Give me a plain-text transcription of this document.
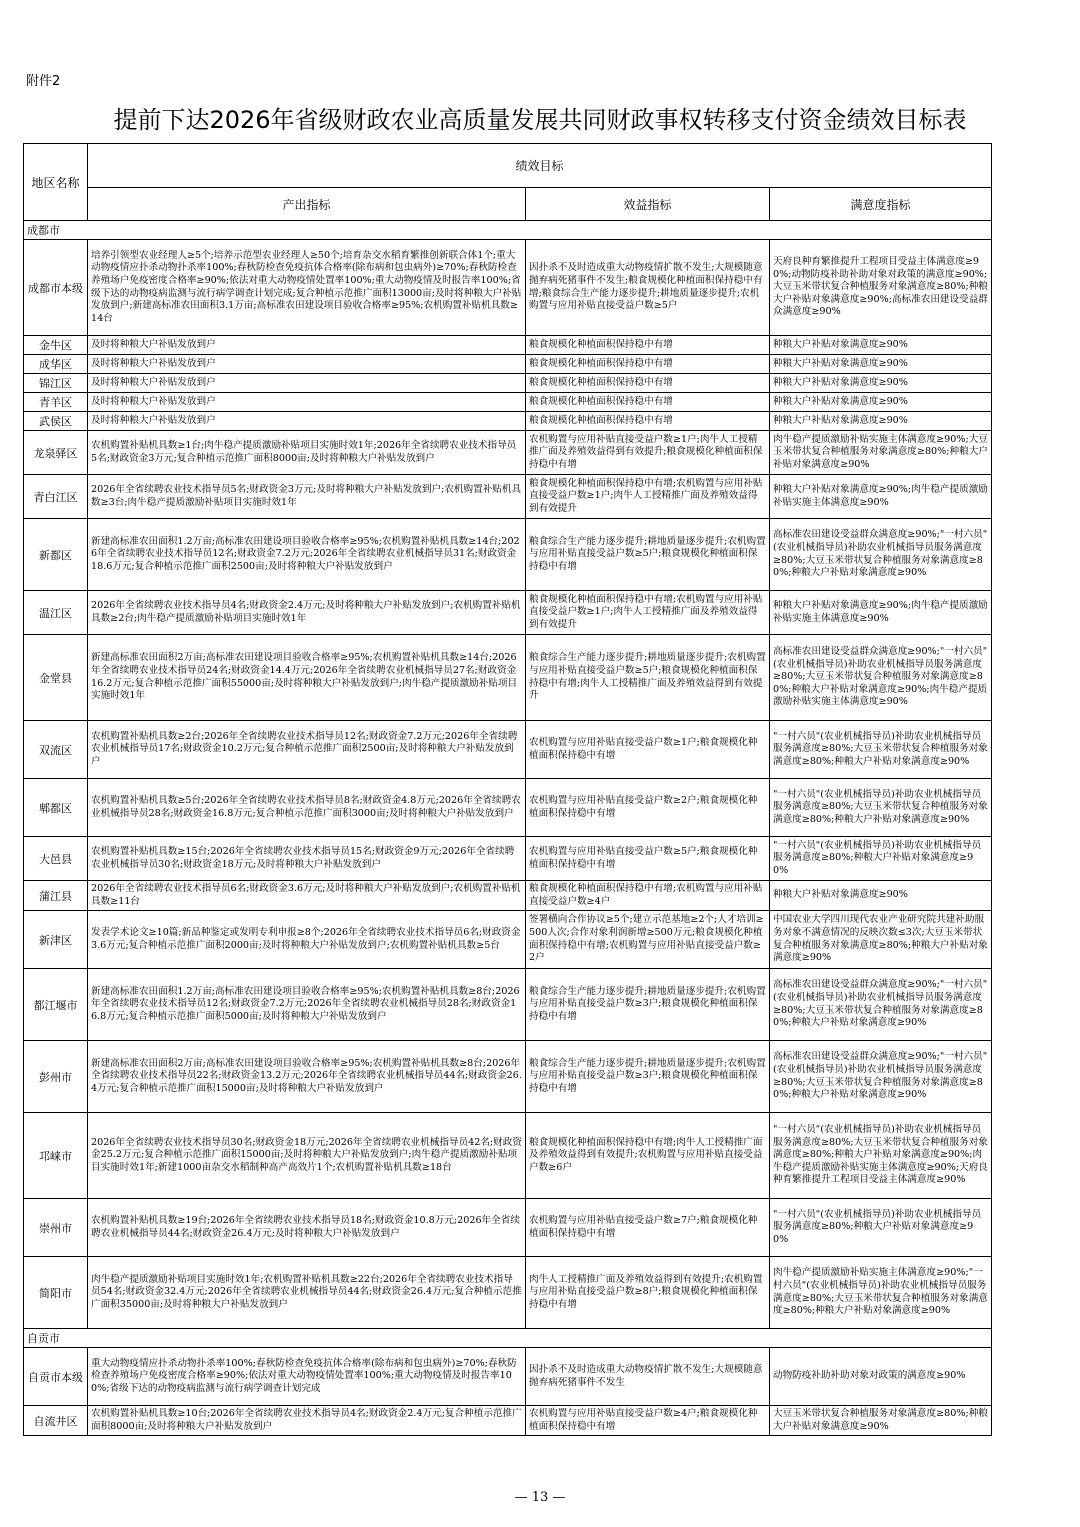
附件2
提前下达2026年省级财政农业高质量发展共同财政事权转移支付资金绩效目标表
地区名称	绩效目标		
	产出指标	效益指标	满意度指标
成都市			
成都市本级	培养引领型农业经理人≥5个;培养示范型农业经理人≥50个;培育杂交水稻育繁推创新联合体1个;重大动物疫情应扑杀动物扑杀率100%;春秋防检查免疫抗体合格率(除布病和包虫病外)≥70%;春秋防检查养殖场户免疫密度合格率≥90%;依法对重大动物疫情处置率100%;重大动物疫情及时报告率100%;省级下达的动物疫病监测与流行病学调查计划完成;复合种植示范推广面积13000亩;及时将种粮大户补贴发放到户;新建高标准农田面积3.1万亩;高标准农田建设项目验收合格率≥95%;农机购置补贴机具数≥14台	因扑杀不及时造成重大动物疫情扩散不发生;大规模随意抛弃病死猪事件不发生;粮食规模化种植面积保持稳中有增;粮食综合生产能力逐步提升;耕地质量逐步提升;农机购置与应用补贴直接受益户数≥5户	天府良种育繁推提升工程项目受益主体满意度≥90%;动物防疫补助补助对象对政策的满意度≥90%;大豆玉米带状复合种植服务对象满意度≥80%;种粮大户补贴对象满意度≥90%;高标准农田建设受益群众满意度≥90%
金牛区	及时将种粮大户补贴发放到户	粮食规模化种植面积保持稳中有增	种粮大户补贴对象满意度≥90%
成华区	及时将种粮大户补贴发放到户	粮食规模化种植面积保持稳中有增	种粮大户补贴对象满意度≥90%
锦江区	及时将种粮大户补贴发放到户	粮食规模化种植面积保持稳中有增	种粮大户补贴对象满意度≥90%
青羊区	及时将种粮大户补贴发放到户	粮食规模化种植面积保持稳中有增	种粮大户补贴对象满意度≥90%
武侯区	及时将种粮大户补贴发放到户	粮食规模化种植面积保持稳中有增	种粮大户补贴对象满意度≥90%
龙泉驿区	农机购置补贴机具数≥1台;肉牛稳产提质激励补贴项目实施时效1年;2026年全省续聘农业技术指导员5名;财政资金3万元;复合种植示范推广面积8000亩;及时将种粮大户补贴发放到户	农机购置与应用补贴直接受益户数≥1户;肉牛人工授精推广面及养殖效益得到有效提升;粮食规模化种植面积保持稳中有增	肉牛稳产提质激励补贴实施主体满意度≥90%;大豆玉米带状复合种植服务对象满意度≥80%;种粮大户补贴对象满意度≥90%
青白江区	2026年全省续聘农业技术指导员5名;财政资金3万元;及时将种粮大户补贴发放到户;农机购置补贴机具数≥3台;肉牛稳产提质激励补贴项目实施时效1年	粮食规模化种植面积保持稳中有增;农机购置与应用补贴直接受益户数≥1户;肉牛人工授精推广面及养殖效益得到有效提升	种粮大户补贴对象满意度≥90%;肉牛稳产提质激励补贴实施主体满意度≥90%
新都区	新建高标准农田面积1.2万亩;高标准农田建设项目验收合格率≥95%;农机购置补贴机具数≥14台;2026年全省续聘农业技术指导员12名;财政资金7.2万元;2026年全省续聘农业机械指导员31名;财政资金18.6万元;复合种植示范推广面积2500亩;及时将种粮大户补贴发放到户	粮食综合生产能力逐步提升;耕地质量逐步提升;农机购置与应用补贴直接受益户数≥5户;粮食规模化种植面积保持稳中有增	高标准农田建设受益群众满意度≥90%;"一村六员"(农业机械指导员)补助农业机械指导员服务满意度≥80%;大豆玉米带状复合种植服务对象满意度≥80%;种粮大户补贴对象满意度≥90%
温江区	2026年全省续聘农业技术指导员4名;财政资金2.4万元;及时将种粮大户补贴发放到户;农机购置补贴机具数≥2台;肉牛稳产提质激励补贴项目实施时效1年	粮食规模化种植面积保持稳中有增;农机购置与应用补贴直接受益户数≥1户;肉牛人工授精推广面及养殖效益得到有效提升	种粮大户补贴对象满意度≥90%;肉牛稳产提质激励补贴实施主体满意度≥90%
金堂县	新建高标准农田面积2万亩;高标准农田建设项目验收合格率≥95%;农机购置补贴机具数≥14台;2026年全省续聘农业技术指导员24名;财政资金14.4万元;2026年全省续聘农业机械指导员27名;财政资金16.2万元;复合种植示范推广面积55000亩;及时将种粮大户补贴发放到户;肉牛稳产提质激励补贴项目实施时效1年	粮食综合生产能力逐步提升;耕地质量逐步提升;农机购置与应用补贴直接受益户数≥5户;粮食规模化种植面积保持稳中有增;肉牛人工授精推广面及养殖效益得到有效提升	高标准农田建设受益群众满意度≥90%;"一村六员"(农业机械指导员)补助农业机械指导员服务满意度≥80%;大豆玉米带状复合种植服务对象满意度≥80%;种粮大户补贴对象满意度≥90%;肉牛稳产提质激励补贴实施主体满意度≥90%
双流区	农机购置补贴机具数≥2台;2026年全省续聘农业技术指导员12名;财政资金7.2万元;2026年全省续聘农业机械指导员17名;财政资金10.2万元;复合种植示范推广面积2500亩;及时将种粮大户补贴发放到户	农机购置与应用补贴直接受益户数≥1户;粮食规模化种植面积保持稳中有增	"一村六员"(农业机械指导员)补助农业机械指导员服务满意度≥80%;大豆玉米带状复合种植服务对象满意度≥80%;种粮大户补贴对象满意度≥90%
郫都区	农机购置补贴机具数≥5台;2026年全省续聘农业技术指导员8名;财政资金4.8万元;2026年全省续聘农业机械指导员28名;财政资金16.8万元;复合种植示范推广面积3000亩;及时将种粮大户补贴发放到户	农机购置与应用补贴直接受益户数≥2户;粮食规模化种植面积保持稳中有增	"一村六员"(农业机械指导员)补助农业机械指导员服务满意度≥80%;大豆玉米带状复合种植服务对象满意度≥80%;种粮大户补贴对象满意度≥90%
大邑县	农机购置补贴机具数≥15台;2026年全省续聘农业技术指导员15名;财政资金9万元;2026年全省续聘农业机械指导员30名;财政资金18万元;及时将种粮大户补贴发放到户	农机购置与应用补贴直接受益户数≥5户;粮食规模化种植面积保持稳中有增	"一村六员"(农业机械指导员)补助农业机械指导员服务满意度≥80%;种粮大户补贴对象满意度≥90%
蒲江县	2026年全省续聘农业技术指导员6名;财政资金3.6万元;及时将种粮大户补贴发放到户;农机购置补贴机具数≥11台	粮食规模化种植面积保持稳中有增;农机购置与应用补贴直接受益户数≥4户	种粮大户补贴对象满意度≥90%
新津区	发表学术论文≥10篇;新品种鉴定或发明专利申报≥8个;2026年全省续聘农业技术指导员6名;财政资金3.6万元;复合种植示范推广面积2000亩;及时将种粮大户补贴发放到户;农机购置补贴机具数≥5台	签署横向合作协议≥5个;建立示范基地≥2个;人才培训≥500人次;合作对象利润新增≥500万元;粮食规模化种植面积保持稳中有增;农机购置与应用补贴直接受益户数≥2户	中国农业大学四川现代农业产业研究院共建补助服务对象不满意情况的反映次数≤3次;大豆玉米带状复合种植服务对象满意度≥80%;种粮大户补贴对象满意度≥90%
都江堰市	新建高标准农田面积1.2万亩;高标准农田建设项目验收合格率≥95%;农机购置补贴机具数≥8台;2026年全省续聘农业技术指导员12名;财政资金7.2万元;2026年全省续聘农业机械指导员28名;财政资金16.8万元;复合种植示范推广面积5000亩;及时将种粮大户补贴发放到户	粮食综合生产能力逐步提升;耕地质量逐步提升;农机购置与应用补贴直接受益户数≥3户;粮食规模化种植面积保持稳中有增	高标准农田建设受益群众满意度≥90%;"一村六员"(农业机械指导员)补助农业机械指导员服务满意度≥80%;大豆玉米带状复合种植服务对象满意度≥80%;种粮大户补贴对象满意度≥90%
彭州市	新建高标准农田面积2万亩;高标准农田建设项目验收合格率≥95%;农机购置补贴机具数≥8台;2026年全省续聘农业技术指导员22名;财政资金13.2万元;2026年全省续聘农业机械指导员44名;财政资金26.4万元;复合种植示范推广面积15000亩;及时将种粮大户补贴发放到户	粮食综合生产能力逐步提升;耕地质量逐步提升;农机购置与应用补贴直接受益户数≥3户;粮食规模化种植面积保持稳中有增	高标准农田建设受益群众满意度≥90%;"一村六员"(农业机械指导员)补助农业机械指导员服务满意度≥80%;大豆玉米带状复合种植服务对象满意度≥80%;种粮大户补贴对象满意度≥90%
邛崃市	2026年全省续聘农业技术指导员30名;财政资金18万元;2026年全省续聘农业机械指导员42名;财政资金25.2万元;复合种植示范推广面积15000亩;及时将种粮大户补贴发放到户;肉牛稳产提质激励补贴项目实施时效1年;新建1000亩杂交水稻制种高产高效片1个;农机购置补贴机具数≥18台	粮食规模化种植面积保持稳中有增;肉牛人工授精推广面及养殖效益得到有效提升;农机购置与应用补贴直接受益户数≥6户	"一村六员"(农业机械指导员)补助农业机械指导员服务满意度≥80%;大豆玉米带状复合种植服务对象满意度≥80%;种粮大户补贴对象满意度≥90%;肉牛稳产提质激励补贴实施主体满意度≥90%;天府良种育繁推提升工程项目受益主体满意度≥90%
崇州市	农机购置补贴机具数≥19台;2026年全省续聘农业技术指导员18名;财政资金10.8万元;2026年全省续聘农业机械指导员44名;财政资金26.4万元;及时将种粮大户补贴发放到户	农机购置与应用补贴直接受益户数≥7户;粮食规模化种植面积保持稳中有增	"一村六员"(农业机械指导员)补助农业机械指导员服务满意度≥80%;种粮大户补贴对象满意度≥90%
简阳市	肉牛稳产提质激励补贴项目实施时效1年;农机购置补贴机具数≥22台;2026年全省续聘农业技术指导员54名;财政资金32.4万元;2026年全省续聘农业机械指导员44名;财政资金26.4万元;复合种植示范推广面积35000亩;及时将种粮大户补贴发放到户	肉牛人工授精推广面及养殖效益得到有效提升;农机购置与应用补贴直接受益户数≥8户;粮食规模化种植面积保持稳中有增	肉牛稳产提质激励补贴实施主体满意度≥90%;"一村六员"(农业机械指导员)补助农业机械指导员服务满意度≥80%;大豆玉米带状复合种植服务对象满意度≥80%;种粮大户补贴对象满意度≥90%
自贡市			
自贡市本级	重大动物疫情应扑杀动物扑杀率100%;春秋防检查免疫抗体合格率(除布病和包虫病外)≥70%;春秋防检查养殖场户免疫密度合格率≥90%;依法对重大动物疫情处置率100%;重大动物疫情及时报告率100%;省级下达的动物疫病监测与流行病学调查计划完成	因扑杀不及时造成重大动物疫情扩散不发生;大规模随意抛弃病死猪事件不发生	动物防疫补助补助对象对政策的满意度≥90%
自流井区	农机购置补贴机具数≥10台;2026年全省续聘农业技术指导员4名;财政资金2.4万元;复合种植示范推广面积8000亩;及时将种粮大户补贴发放到户	农机购置与应用补贴直接受益户数≥4户;粮食规模化种植面积保持稳中有增	大豆玉米带状复合种植服务对象满意度≥80%;种粮大户补贴对象满意度≥90%
— 13 —
